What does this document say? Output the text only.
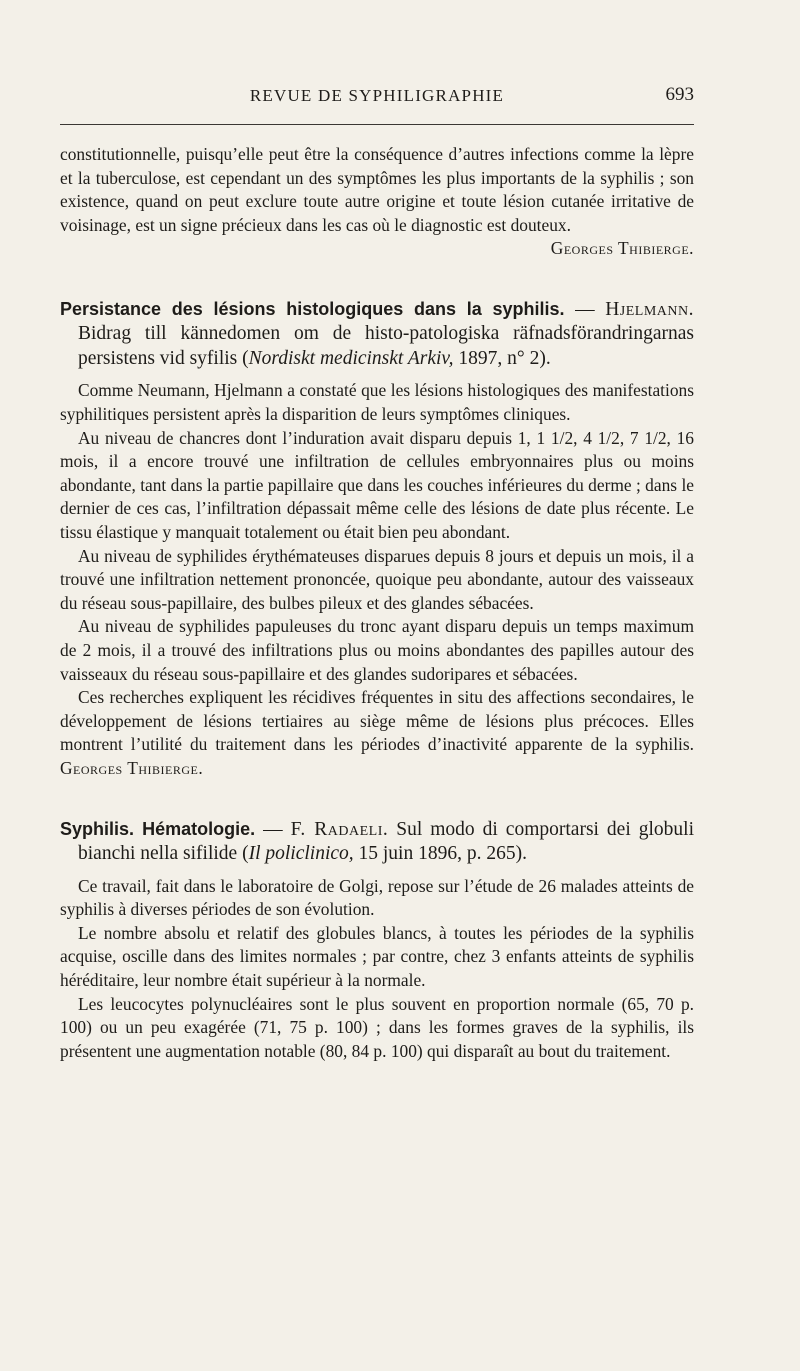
REVUE DE SYPHILIGRAPHIE	693

constitutionnelle, puisqu’elle peut être la conséquence d’autres infections comme la lèpre et la tuberculose, est cependant un des symptômes les plus importants de la syphilis ; son existence, quand on peut exclure toute autre origine et toute lésion cutanée irritative de voisinage, est un signe précieux dans les cas où le diagnostic est douteux.

Georges Thibierge.

Persistance des lésions histologiques dans la syphilis. — Hjelmann. Bidrag till kännedomen om de histo-patologiska räfnadsförandringarnas persistens vid syfilis (Nordiskt medicinskt Arkiv, 1897, n° 2).

Comme Neumann, Hjelmann a constaté que les lésions histologiques des manifestations syphilitiques persistent après la disparition de leurs symptômes cliniques.

Au niveau de chancres dont l’induration avait disparu depuis 1, 1 1/2, 4 1/2, 7 1/2, 16 mois, il a encore trouvé une infiltration de cellules embryonnaires plus ou moins abondante, tant dans la partie papillaire que dans les couches inférieures du derme ; dans le dernier de ces cas, l’infiltration dépassait même celle des lésions de date plus récente. Le tissu élastique y manquait totalement ou était bien peu abondant.

Au niveau de syphilides érythémateuses disparues depuis 8 jours et depuis un mois, il a trouvé une infiltration nettement prononcée, quoique peu abondante, autour des vaisseaux du réseau sous-papillaire, des bulbes pileux et des glandes sébacées.

Au niveau de syphilides papuleuses du tronc ayant disparu depuis un temps maximum de 2 mois, il a trouvé des infiltrations plus ou moins abondantes des papilles autour des vaisseaux du réseau sous-papillaire et des glandes sudoripares et sébacées.

Ces recherches expliquent les récidives fréquentes in situ des affections secondaires, le développement de lésions tertiaires au siège même de lésions plus précoces. Elles montrent l’utilité du traitement dans les périodes d’inactivité apparente de la syphilis. Georges Thibierge.

Syphilis. Hématologie. — F. Radaeli. Sul modo di comportarsi dei globuli bianchi nella sifilide (Il policlinico, 15 juin 1896, p. 265).

Ce travail, fait dans le laboratoire de Golgi, repose sur l’étude de 26 malades atteints de syphilis à diverses périodes de son évolution.

Le nombre absolu et relatif des globules blancs, à toutes les périodes de la syphilis acquise, oscille dans des limites normales ; par contre, chez 3 enfants atteints de syphilis héréditaire, leur nombre était supérieur à la normale.

Les leucocytes polynucléaires sont le plus souvent en proportion normale (65, 70 p. 100) ou un peu exagérée (71, 75 p. 100) ; dans les formes graves de la syphilis, ils présentent une augmentation notable (80, 84 p. 100) qui disparaît au bout du traitement.
